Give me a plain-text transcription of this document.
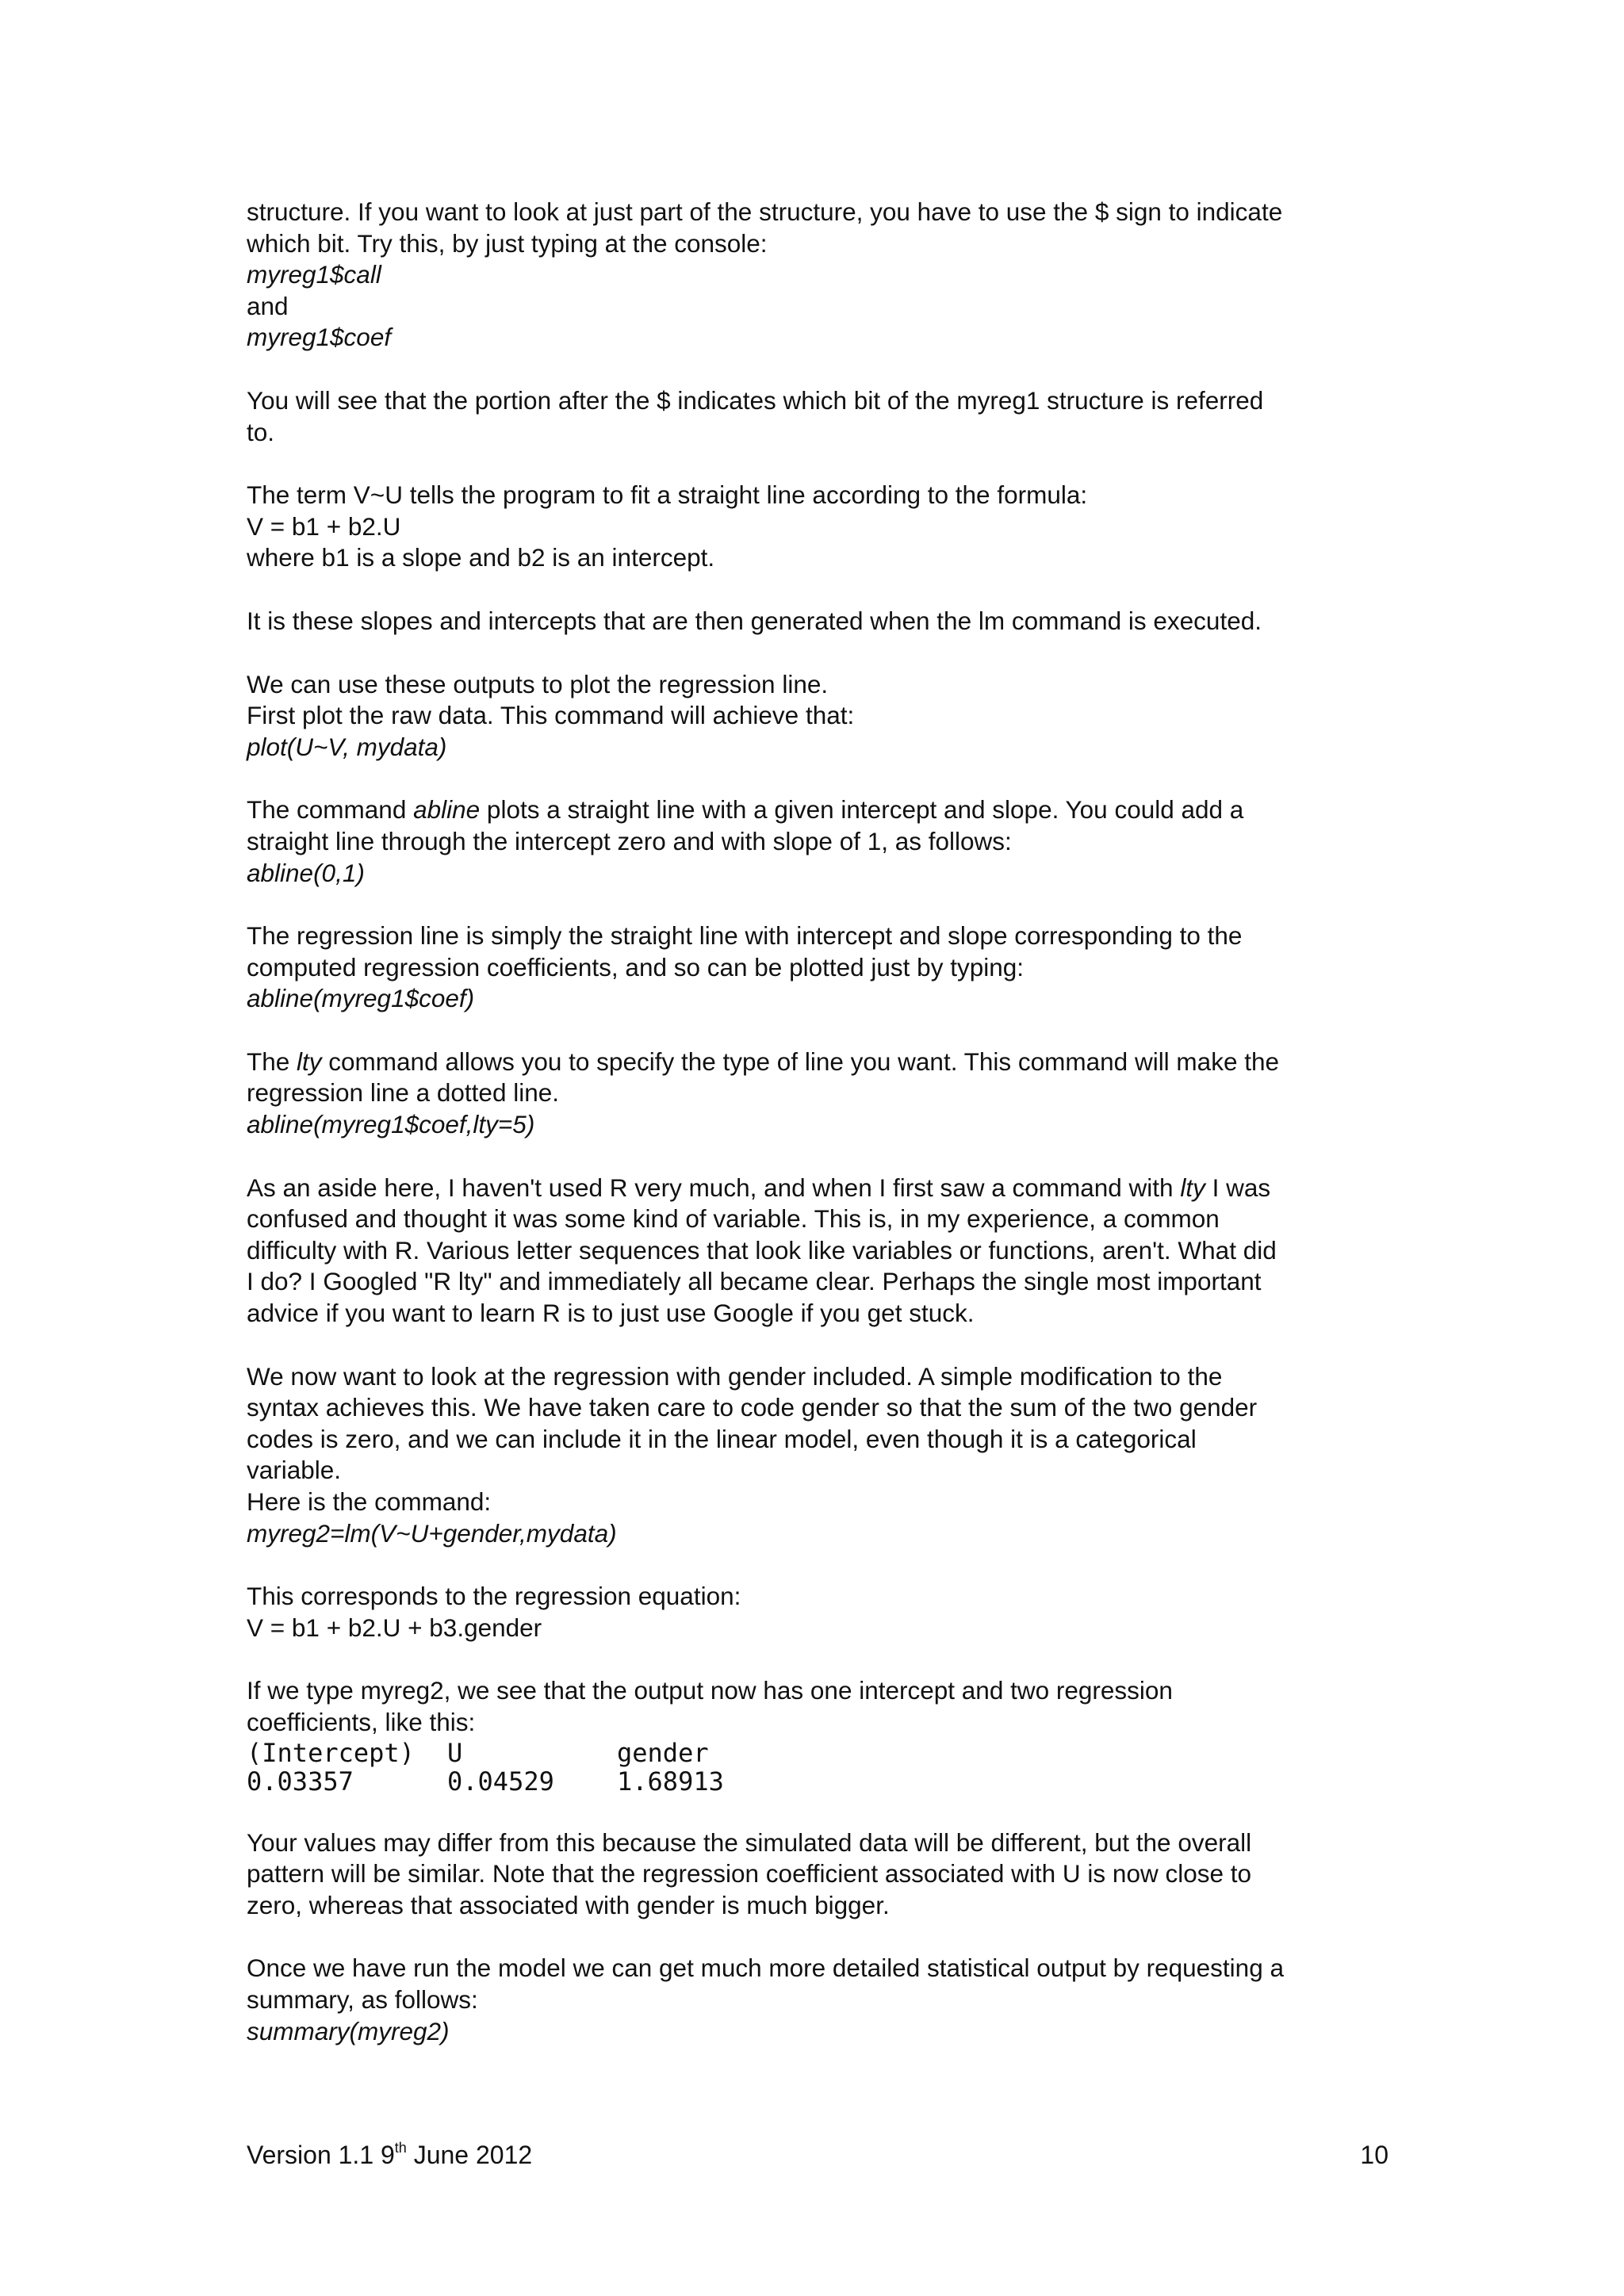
structure. If you want to look at just part of the structure, you have to use the $ sign to indicate
which bit. Try this, by just typing at the console:
myreg1$call
and
myreg1$coef
You will see that the portion after the $ indicates which bit of the myreg1 structure is referred
to.
The term V~U tells the program to fit a straight line according to the formula:
V = b1 + b2.U
where b1 is a slope and b2 is an intercept.
It is these slopes and intercepts that are then generated when the lm command is executed.
We can use these outputs to plot the regression line.
First plot the raw data. This command will achieve that:
plot(U~V, mydata)
The command abline plots a straight line with a given intercept and slope. You could add a
straight line through the intercept zero and with slope of 1, as follows:
abline(0,1)
The regression line is simply the straight line with intercept and slope corresponding to the
computed regression coefficients, and so can be plotted just by typing:
abline(myreg1$coef)
The lty command allows you to specify the type of line you want. This command will make the
regression line a dotted line.
abline(myreg1$coef,lty=5)
As an aside here, I haven't used R very much, and when I first saw a command with lty I was
confused and thought it was some kind of variable. This is, in my experience, a common
difficulty with R. Various letter sequences that look like variables or functions, aren't. What did
I do? I Googled "R lty" and immediately all became clear. Perhaps the single most important
advice if you want to learn R is to just use Google if you get stuck.
We now want to look at the regression with gender included. A simple modification to the
syntax achieves this. We have taken care to code gender so that the sum of the two gender
codes is zero, and we can include it in the linear model, even though it is a categorical
variable.
Here is the command:
myreg2=lm(V~U+gender,mydata)
This corresponds to the regression equation:
V = b1 + b2.U + b3.gender
If we type myreg2, we see that the output now has one intercept and two regression
coefficients, like this:
(Intercept)	U	gender
0.03357	0.04529	1.68913
Your values may differ from this because the simulated data will be different, but the overall
pattern will be similar. Note that the regression coefficient associated with U is now close to
zero, whereas that associated with gender is much bigger.
Once we have run the model we can get much more detailed statistical output by requesting a
summary, as follows:
summary(myreg2)
Version 1.1 9th June 2012	10
